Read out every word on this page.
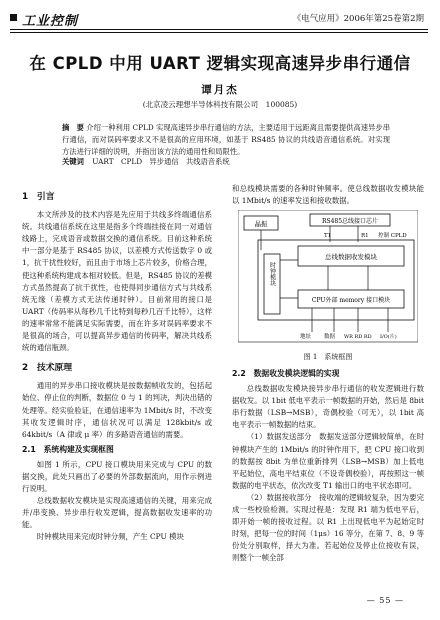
工业控制	《电气应用》2006年第25卷第2期
在 CPLD 中用 UART 逻辑实现高速异步串行通信
谭月杰
(北京凌云理想半导体科技有限公司　100085)
摘　要 介绍一种利用 CPLD 实现高速异步串行通信的方法，主要适用于远距离且需要提供高速异步串行通信，而对误码率要求又不是很高的应用环境，如基于 RS485 协议的共线语音通信系统。对实现方法进行详细的说明，并指出该方法的通用性和局限性。
关键词 UART　CPLD　异步通信　共线语音系统
1　引言

本文所涉及的技术内容是先应用于共线多终端通信系统。共线通信系统在这里是指多个终端挂接在同一对通信线路上，完成语音或数据交换的通信系统。目前这种系统中一部分是基于 RS485 协议，以差模方式传送数字 0 或 1，抗干扰性较好，而且由于市场上芯片较多，价格合理，使这种系统构建成本相对较低。但是，RS485 协议的差模方式虽然提高了抗干扰性，也使得同步通信方式与共线系统无缘（差模方式无法传递时钟）。目前常用的接口是 UART（传码率从每秒几千比特到每秒几百千比特），这样的速率常常不能满足实际需要，而在许多对误码率要求不是很高的场合，可以提高异步通信的传码率，解决共线系统的通信瓶颈。

2　技术原理

通用的异步串口接收模块是按数据帧收发的，包括起始位、停止位的判断，数据位 0 与 1 的判决，判决出错的处理等。经实验验证，在通信速率为 1Mbit/s 时，不改变其收发逻辑时序，通信状况可以满足 128kbit/s 或 64kbit/s（A 律或 μ 率）的多路语音通信的需要。

2.1　系统构建及实现框图

如图 1 所示，CPU 接口模块用来完成与 CPU 的数据交换，此处只画出了必要的外部数据流向，用作示例进行说明。

总线数据收发模块是实现高速通信的关键，用来完成并/串变换、异步串行收发逻辑，提高数据收发速率的功能。

时钟模块用来完成时钟分频，产生 CPU 模块

和总线模块需要的各种时钟频率。使总线数据收发模块能以 1Mbit/s 的速率发送和接收数据。

晶振	RS485总线接口芯片
T1	R1 控制 CPLD
总线数据收发模块
时钟模块
CPU外部 memory 接口模块
地址 数据 WR RD RD I/O(片)
图 1　系统框图
2.2　数据收发模块逻辑的实现

总线数据收发模块接异步串行通信的收发逻辑进行数据收发。以 1bit 低电平表示一帧数据的开始，然后是 8bit 串行数据（LSB→MSB），奇偶校验（可无），以 1bit 高电平表示一帧数据的结束。

（1）数据发送部分　数据发送部分逻辑较简单，在时钟模块产生的 1Mbit/s 的时钟作用下，把 CPU 接口收到的数据按 8bit 为单位重新排列（LSB→MSB）加上低电平起始位，高电平结束位（不设奇偶校验），再按照这一帧数据的电平状态，依次改变 T1 输出口的电平状态即可。

（2）数据接收部分　接收端的逻辑较复杂，因为要完成一些校验检测。实现过程是：发现 R1 端为低电平后，即开始一帧的接收过程。以 R1 上出现低电平为起始定时时刻，把每一位的时间（1μs）16 等分，在第 7、8、9 等份处分别取样，择大为准。若起始位及停止位接收有误，则整个一帧全部

— 55 —
